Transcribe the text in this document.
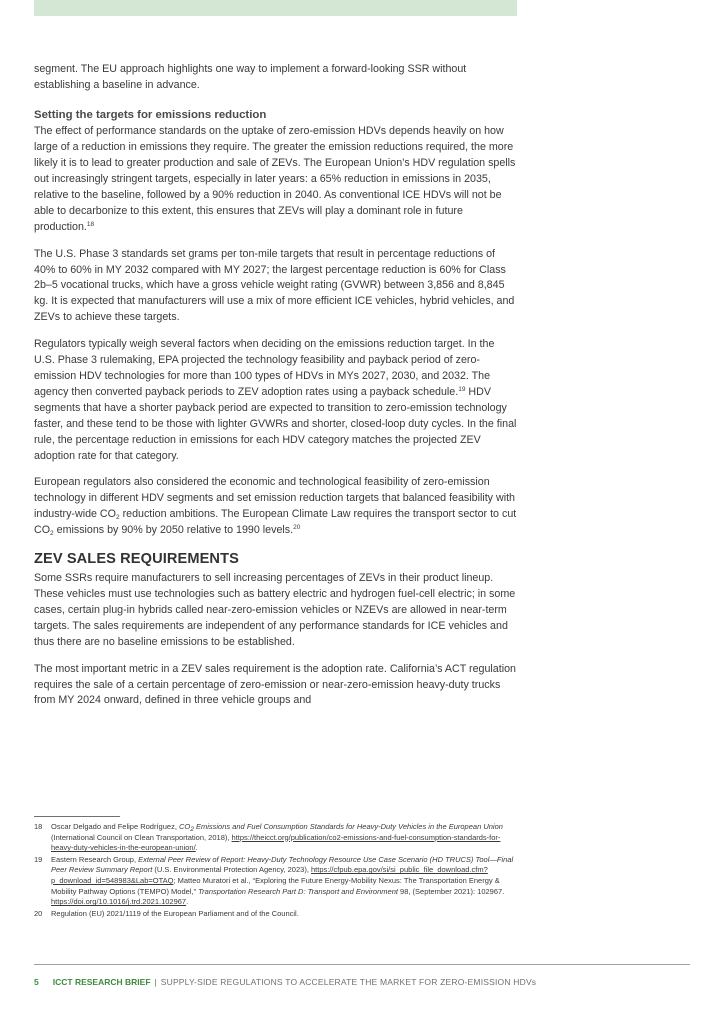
segment. The EU approach highlights one way to implement a forward-looking SSR without establishing a baseline in advance.

Setting the targets for emissions reduction

The effect of performance standards on the uptake of zero-emission HDVs depends heavily on how large of a reduction in emissions they require. The greater the emission reductions required, the more likely it is to lead to greater production and sale of ZEVs. The European Union’s HDV regulation spells out increasingly stringent targets, especially in later years: a 65% reduction in emissions in 2035, relative to the baseline, followed by a 90% reduction in 2040. As conventional ICE HDVs will not be able to decarbonize to this extent, this ensures that ZEVs will play a dominant role in future production.$^{18}$

The U.S. Phase 3 standards set grams per ton-mile targets that result in percentage reductions of 40% to 60% in MY 2032 compared with MY 2027; the largest percentage reduction is 60% for Class 2b–5 vocational trucks, which have a gross vehicle weight rating (GVWR) between 3,856 and 8,845 kg. It is expected that manufacturers will use a mix of more efficient ICE vehicles, hybrid vehicles, and ZEVs to achieve these targets.

Regulators typically weigh several factors when deciding on the emissions reduction target. In the U.S. Phase 3 rulemaking, EPA projected the technology feasibility and payback period of zero-emission HDV technologies for more than 100 types of HDVs in MYs 2027, 2030, and 2032. The agency then converted payback periods to ZEV adoption rates using a payback schedule.$^{19}$ HDV segments that have a shorter payback period are expected to transition to zero-emission technology faster, and these tend to be those with lighter GVWRs and shorter, closed-loop duty cycles. In the final rule, the percentage reduction in emissions for each HDV category matches the projected ZEV adoption rate for that category.

European regulators also considered the economic and technological feasibility of zero-emission technology in different HDV segments and set emission reduction targets that balanced feasibility with industry-wide $CO_2$ reduction ambitions. The European Climate Law requires the transport sector to cut $CO_2$ emissions by 90% by 2050 relative to 1990 levels.$^{20}$

ZEV SALES REQUIREMENTS

Some SSRs require manufacturers to sell increasing percentages of ZEVs in their product lineup. These vehicles must use technologies such as battery electric and hydrogen fuel-cell electric; in some cases, certain plug-in hybrids called near-zero-emission vehicles or NZEVs are allowed in near-term targets. The sales requirements are independent of any performance standards for ICE vehicles and thus there are no baseline emissions to be established.

The most important metric in a ZEV sales requirement is the adoption rate. California’s ACT regulation requires the sale of a certain percentage of zero-emission or near-zero-emission heavy-duty trucks from MY 2024 onward, defined in three vehicle groups and

18	Oscar Delgado and Felipe Rodríguez, $CO_2$ Emissions and Fuel Consumption Standards for Heavy-Duty Vehicles in the European Union (International Council on Clean Transportation, 2018), https://theicct.org/publication/co2-emissions-and-fuel-consumption-standards-for-heavy-duty-vehicles-in-the-european-union/.
19	Eastern Research Group, External Peer Review of Report: Heavy-Duty Technology Resource Use Case Scenario (HD TRUCS) Tool—Final Peer Review Summary Report (U.S. Environmental Protection Agency, 2023), https://cfpub.epa.gov/si/si_public_file_download.cfm?p_download_id=548983&Lab=OTAQ; Matteo Muratori et al., “Exploring the Future Energy-Mobility Nexus: The Transportation Energy & Mobility Pathway Options (TEMPO) Model,” Transportation Research Part D: Transport and Environment 98, (September 2021): 102967. https://doi.org/10.1016/j.trd.2021.102967.
20	Regulation (EU) 2021/1119 of the European Parliament and of the Council.
5 ICCT RESEARCH BRIEF | SUPPLY-SIDE REGULATIONS TO ACCELERATE THE MARKET FOR ZERO-EMISSION HDVs
